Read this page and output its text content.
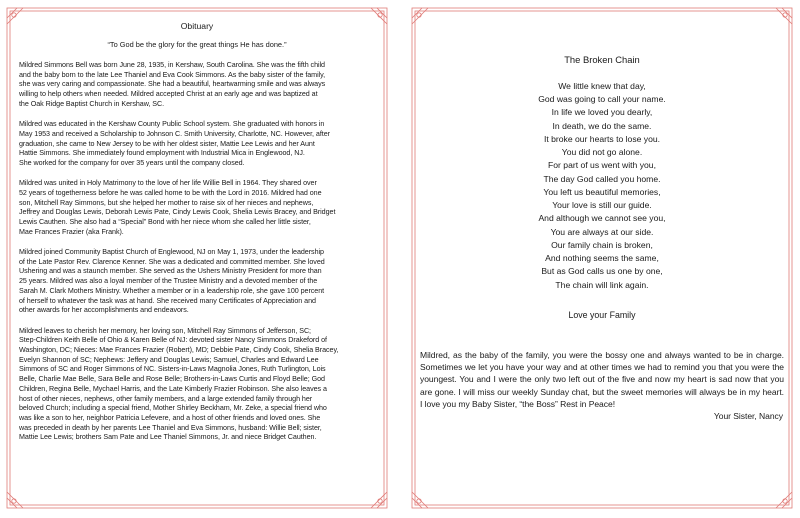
Obituary
“To God be the glory for the great things He has done.”
Mildred Simmons Bell was born June 28, 1935, in Kershaw, South Carolina. She was the fifth child
and the baby born to the late Lee Thaniel and Eva Cook Simmons. As the baby sister of the family,
she was very caring and compassionate. She had a beautiful, heartwarming smile and was always
willing to help others when needed. Mildred accepted Christ at an early age and was baptized at
the Oak Ridge Baptist Church in Kershaw, SC.
Mildred was educated in the Kershaw County Public School system. She graduated with honors in
May 1953 and received a Scholarship to Johnson C. Smith University, Charlotte, NC. However, after
graduation, she came to New Jersey to be with her oldest sister, Mattie Lee Lewis and her Aunt
Hattie Simmons. She immediately found employment with Industrial Mica in Englewood, NJ.
She worked for the company for over 35 years until the company closed.
Mildred was united in Holy Matrimony to the love of her life Willie Bell in 1964. They shared over
52 years of togetherness before he was called home to be with the Lord in 2016. Mildred had one
son, Mitchell Ray Simmons, but she helped her mother to raise six of her nieces and nephews,
Jeffrey and Douglas Lewis, Deborah Lewis Pate, Cindy Lewis Cook, Shelia Lewis Bracey, and Bridget
Lewis Cauthen. She also had a “Special” Bond with her niece whom she called her little sister,
Mae Frances Frazier (aka Frank).
Mildred joined Community Baptist Church of Englewood, NJ on May 1, 1973, under the leadership
of the Late Pastor Rev. Clarence Kenner. She was a dedicated and committed member. She loved
Ushering and was a staunch member. She served as the Ushers Ministry President for more than
25 years. Mildred was also a loyal member of the Trustee Ministry and a devoted member of the
Sarah M. Clark Mothers Ministry. Whether a member or in a leadership role, she gave 100 percent
of herself to whatever the task was at hand. She received many Certificates of Appreciation and
other awards for her accomplishments and endeavors.
Mildred leaves to cherish her memory, her loving son, Mitchell Ray Simmons of Jefferson, SC;
Step-Children Keith Belle of Ohio & Karen Belle of NJ: devoted sister Nancy Simmons Drakeford of
Washington, DC; Nieces: Mae Frances Frazier (Robert), MD; Debbie Pate, Cindy Cook, Shelia Bracey,
Evelyn Shannon of SC; Nephews: Jeffery and Douglas Lewis; Samuel, Charles and Edward Lee
Simmons of SC and Roger Simmons of NC. Sisters-in-Laws Magnolia Jones, Ruth Turlington, Lois
Belle, Charlie Mae Belle, Sara Belle and Rose Belle; Brothers-in-Laws Curtis and Floyd Belle; God
Children, Regina Belle, Mychael Harris, and the Late Kimberly Frazier Robinson. She also leaves a
host of other nieces, nephews, other family members, and a large extended family through her
beloved Church; including a special friend, Mother Shirley Beckham, Mr. Zeke, a special friend who
was like a son to her, neighbor Patricia Lefevere, and a host of other friends and loved ones. She
was preceded in death by her parents Lee Thaniel and Eva Simmons, husband: Willie Bell; sister,
Mattie Lee Lewis; brothers Sam Pate and Lee Thaniel Simmons, Jr. and niece Bridget Cauthen.
The Broken Chain
We little knew that day,
God was going to call your name.
In life we loved you dearly,
In death, we do the same.
It broke our hearts to lose you.
You did not go alone.
For part of us went with you,
The day God called you home.
You left us beautiful memories,
Your love is still our guide.
And although we cannot see you,
You are always at our side.
Our family chain is broken,
And nothing seems the same,
But as God calls us one by one,
The chain will link again.
Love your Family
Mildred, as the baby of the family, you were the bossy one and always wanted to be in charge. Sometimes we let you have your way and at other times we had to remind you that you were the youngest. You and I were the only two left out of the five and now my heart is sad now that you are gone. I will miss our weekly Sunday chat, but the sweet memories will always be in my heart. I love you my Baby Sister, “the Boss” Rest in Peace!
Your Sister, Nancy
